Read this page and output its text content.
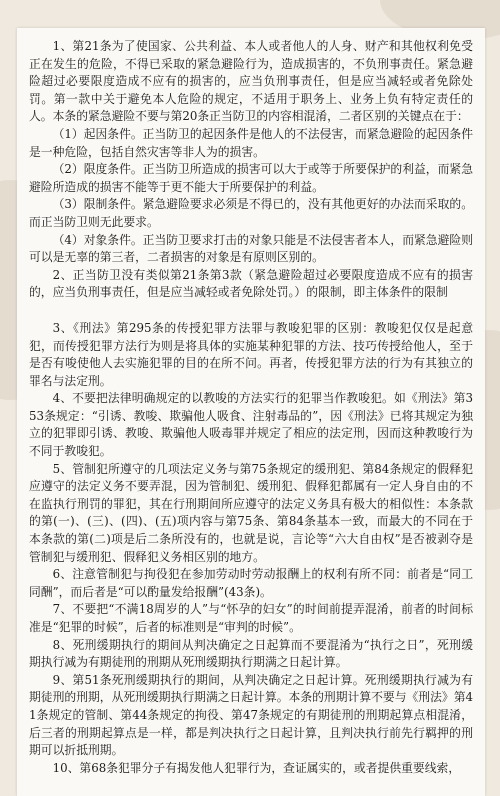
1、第21条为了使国家、公共利益、本人或者他人的人身、财产和其他权利免受正在发生的危险，不得已采取的紧急避险行为，造成损害的，不负刑事责任。紧急避险超过必要限度造成不应有的损害的，应当负刑事责任，但是应当减轻或者免除处罚。第一款中关于避免本人危险的规定，不适用于职务上、业务上负有特定责任的人。本条的紧急避险不要与第20条正当防卫的内容相混淆，二者区别的关键点在于：

（1）起因条件。正当防卫的起因条件是他人的不法侵害，而紧急避险的起因条件是一种危险，包括自然灾害等非人为的损害。

（2）限度条件。正当防卫所造成的损害可以大于或等于所要保护的利益，而紧急避险所造成的损害不能等于更不能大于所要保护的利益。

（3）限制条件。紧急避险要求必须是不得已的，没有其他更好的办法而采取的。而正当防卫则无此要求。

（4）对象条件。正当防卫要求打击的对象只能是不法侵害者本人，而紧急避险则可以是无辜的第三者，二者损害的对象是有原则区别的。

2、正当防卫没有类似第21条第3款（紧急避险超过必要限度造成不应有的损害的，应当负刑事责任，但是应当减轻或者免除处罚。）的限制，即主体条件的限制

3、《刑法》第295条的传授犯罪方法罪与教唆犯罪的区别：教唆犯仅仅是起意犯，而传授犯罪方法行为则是将具体的实施某种犯罪的方法、技巧传授给他人，至于是否有唆使他人去实施犯罪的目的在所不问。再者，传授犯罪方法的行为有其独立的罪名与法定刑。

4、不要把法律明确规定的以教唆的方法实行的犯罪当作教唆犯。如《刑法》第353条规定：“引诱、教唆、欺骗他人吸食、注射毒品的”，因《刑法》已将其规定为独立的犯罪即引诱、教唆、欺骗他人吸毒罪并规定了相应的法定刑，因而这种教唆行为不同于教唆犯。

5、管制犯所遵守的几项法定义务与第75条规定的缓刑犯、第84条规定的假释犯应遵守的法定义务不要弄混，因为管制犯、缓刑犯、假释犯都属有一定人身自由的不在监执行刑罚的罪犯，其在行刑期间所应遵守的法定义务具有极大的相似性：本条款的第(一)、(三)、(四)、(五)项内容与第75条、第84条基本一致，而最大的不同在于本条款的第(二)项是后二条所没有的，也就是说，言论等“六大自由权”是否被剥夺是管制犯与缓刑犯、假释犯义务相区别的地方。

6、注意管制犯与拘役犯在参加劳动时劳动报酬上的权利有所不同：前者是“同工同酬”，而后者是“可以酌量发给报酬”(43条)。

7、不要把“不满18周岁的人”与“怀孕的妇女”的时间前提弄混淆，前者的时间标准是“犯罪的时候”，后者的标准则是“审判的时候”。

8、死刑缓期执行的期间从判决确定之日起算而不要混淆为“执行之日”，死刑缓期执行减为有期徒刑的刑期从死刑缓期执行期满之日起计算。

9、第51条死刑缓期执行的期间，从判决确定之日起计算。死刑缓期执行减为有期徒刑的刑期，从死刑缓期执行期满之日起计算。本条的刑期计算不要与《刑法》第41条规定的管制、第44条规定的拘役、第47条规定的有期徒刑的刑期起算点相混淆，后三者的刑期起算点是一样，都是判决执行之日起计算，且判决执行前先行羁押的刑期可以折抵刑期。

10、第68条犯罪分子有揭发他人犯罪行为，查证属实的，或者提供重要线索，
